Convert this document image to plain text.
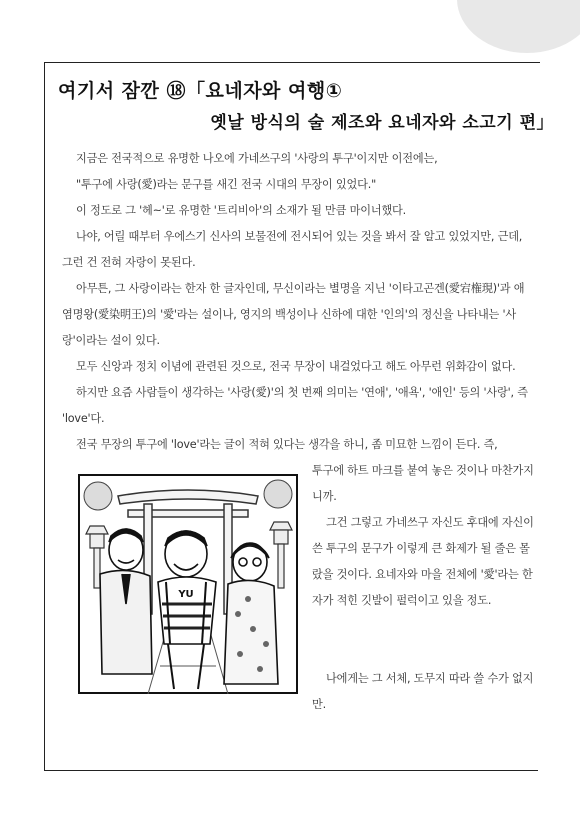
여기서 잠깐 ⑱「요네자와 여행①
옛날 방식의 술 제조와 요네자와 소고기 편」

지금은 전국적으로 유명한 나오에 가네쓰구의 '사랑의 투구'이지만 이전에는,

"투구에 사랑(愛)라는 문구를 새긴 전국 시대의 무장이 있었다."

이 정도로 그 '헤~'로 유명한 '트리비아'의 소재가 될 만큼 마이너했다.

나야, 어릴 때부터 우에스기 신사의 보물전에 전시되어 있는 것을 봐서 잘 알고 있었지만, 근데, 그런 건 전혀 자랑이 못된다.

아무튼, 그 사랑이라는 한자 한 글자인데, 무신이라는 별명을 지닌 '이타고곤겐(愛宕権現)'과 애염명왕(愛染明王)의 '愛'라는 설이나, 영지의 백성이나 신하에 대한 '인의'의 정신을 나타내는 '사랑'이라는 설이 있다.

모두 신앙과 정치 이념에 관련된 것으로, 전국 무장이 내걸었다고 해도 아무런 위화감이 없다.

하지만 요즘 사람들이 생각하는 '사랑(愛)'의 첫 번째 의미는 '연애', '애욕', '애인' 등의 '사랑', 즉 'love'다.

전국 무장의 투구에 'love'라는 글이 적혀 있다는 생각을 하니, 좀 미묘한 느낌이 든다. 즉,

투구에 하트 마크를 붙여 놓은 것이나 마찬가지니까.

그건 그렇고 가네쓰구 자신도 후대에 자신이 쓴 투구의 문구가 이렇게 큰 화제가 될 줄은 몰랐을 것이다. 요네자와 마을 전체에 '愛'라는 한자가 적힌 깃발이 펄럭이고 있을 정도.

나에게는 그 서체, 도무지 따라 쓸 수가 없지만.

YU
